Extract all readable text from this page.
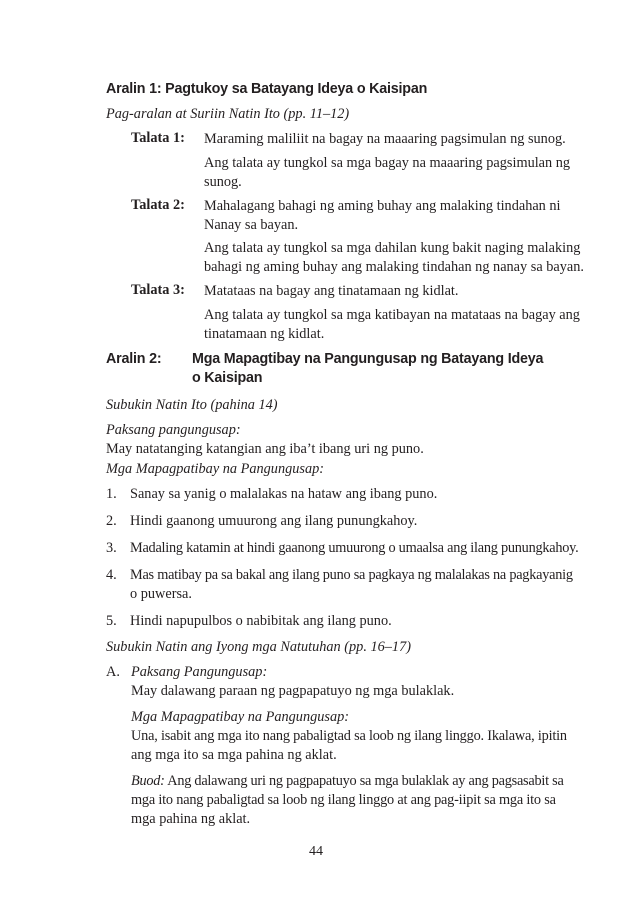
Aralin 1: Pagtukoy sa Batayang Ideya o Kaisipan
Pag-aralan at Suriin Natin Ito (pp. 11–12)
Talata 1: Maraming maliliit na bagay na maaaring pagsimulan ng sunog.
Ang talata ay tungkol sa mga bagay na maaaring pagsimulan ng
sunog.
Talata 2: Mahalagang bahagi ng aming buhay ang malaking tindahan ni
Nanay sa bayan.
Ang talata ay tungkol sa mga dahilan kung bakit naging malaking
bahagi ng aming buhay ang malaking tindahan ng nanay sa bayan.
Talata 3: Matataas na bagay ang tinatamaan ng kidlat.
Ang talata ay tungkol sa mga katibayan na matataas na bagay ang
tinatamaan ng kidlat.
Aralin 2: Mga Mapagtibay na Pangungusap ng Batayang Ideya
o Kaisipan
Subukin Natin Ito (pahina 14)
Paksang pangungusap:
May natatanging katangian ang iba’t ibang uri ng puno.
Mga Mapagpatibay na Pangungusap:
1. Sanay sa yanig o malalakas na hataw ang ibang puno.
2. Hindi gaanong umuurong ang ilang punungkahoy.
3. Madaling katamin at hindi gaanong umuurong o umaalsa ang ilang punungkahoy.
4. Mas matibay pa sa bakal ang ilang puno sa pagkaya ng malalakas na pagkayanig
o puwersa.
5. Hindi napupulbos o nabibitak ang ilang puno.
Subukin Natin ang Iyong mga Natutuhan (pp. 16–17)
A. Paksang Pangungusap:
May dalawang paraan ng pagpapatuyo ng mga bulaklak.
Mga Mapagpatibay na Pangungusap:
Una, isabit ang mga ito nang pabaligtad sa loob ng ilang linggo. Ikalawa, ipitin
ang mga ito sa mga pahina ng aklat.
Buod: Ang dalawang uri ng pagpapatuyo sa mga bulaklak ay ang pagsasabit sa
mga ito nang pabaligtad sa loob ng ilang linggo at ang pag-iipit sa mga ito sa
mga pahina ng aklat.
44
